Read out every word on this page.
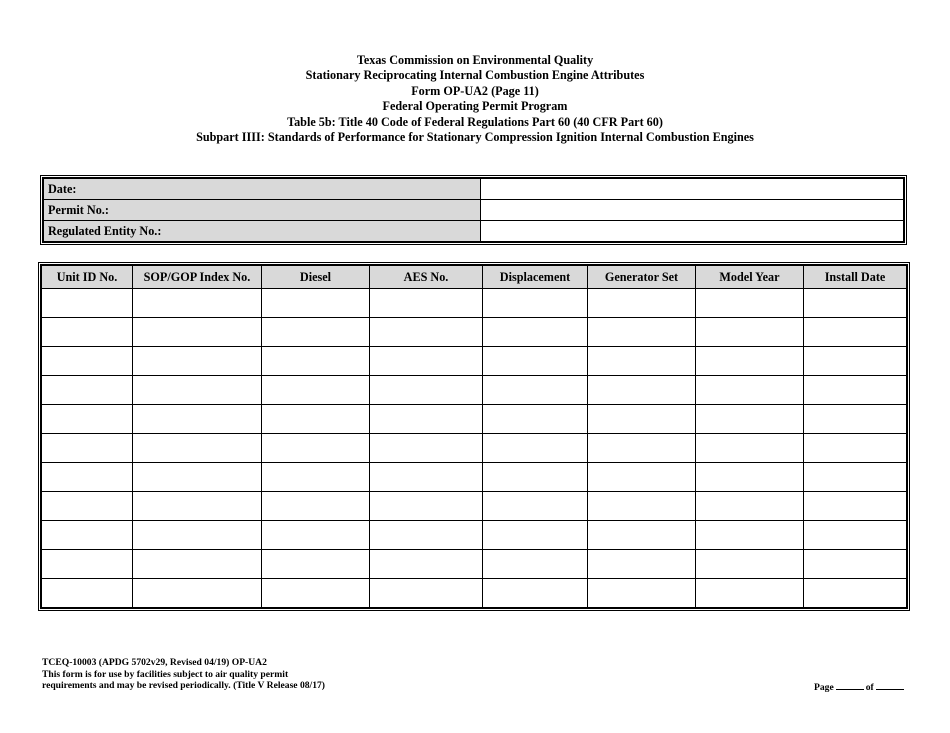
Texas Commission on Environmental Quality
Stationary Reciprocating Internal Combustion Engine Attributes
Form OP-UA2 (Page 11)
Federal Operating Permit Program
Table 5b: Title 40 Code of Federal Regulations Part 60 (40 CFR Part 60)
Subpart IIII: Standards of Performance for Stationary Compression Ignition Internal Combustion Engines
Date:	
Permit No.:	
Regulated Entity No.:	
Unit ID No.	SOP/GOP Index No.	Diesel	AES No.	Displacement	Generator Set	Model Year	Install Date

TCEQ-10003 (APDG 5702v29, Revised 04/19) OP-UA2
This form is for use by facilities subject to air quality permit
requirements and may be revised periodically. (Title V Release 08/17)	Page	of
